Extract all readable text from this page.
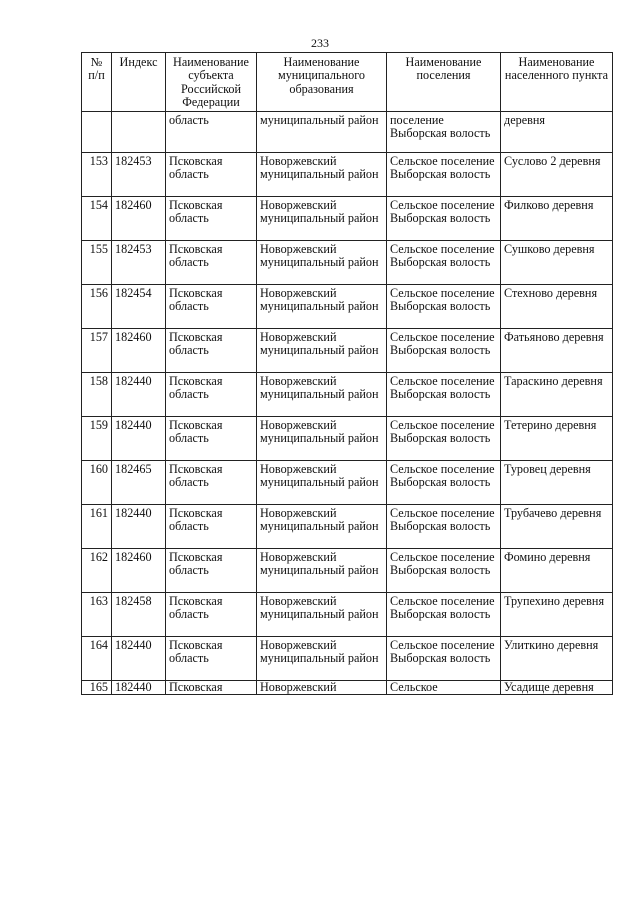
233
№ п/п	Индекс	Наименование субъекта Российской Федерации	Наименование муниципального образования	Наименование поселения	Наименование населенного пункта
		область	муниципальный район	поселение Выборская волость	деревня
153	182453	Псковская область	Новоржевский муниципальный район	Сельское поселение Выборская волость	Суслово 2 деревня
154	182460	Псковская область	Новоржевский муниципальный район	Сельское поселение Выборская волость	Филково деревня
155	182453	Псковская область	Новоржевский муниципальный район	Сельское поселение Выборская волость	Сушково деревня
156	182454	Псковская область	Новоржевский муниципальный район	Сельское поселение Выборская волость	Стехново деревня
157	182460	Псковская область	Новоржевский муниципальный район	Сельское поселение Выборская волость	Фатьяново деревня
158	182440	Псковская область	Новоржевский муниципальный район	Сельское поселение Выборская волость	Тараскино деревня
159	182440	Псковская область	Новоржевский муниципальный район	Сельское поселение Выборская волость	Тетерино деревня
160	182465	Псковская область	Новоржевский муниципальный район	Сельское поселение Выборская волость	Туровец деревня
161	182440	Псковская область	Новоржевский муниципальный район	Сельское поселение Выборская волость	Трубачево деревня
162	182460	Псковская область	Новоржевский муниципальный район	Сельское поселение Выборская волость	Фомино деревня
163	182458	Псковская область	Новоржевский муниципальный район	Сельское поселение Выборская волость	Трупехино деревня
164	182440	Псковская область	Новоржевский муниципальный район	Сельское поселение Выборская волость	Улиткино деревня
165	182440	Псковская	Новоржевский	Сельское	Усадище деревня
